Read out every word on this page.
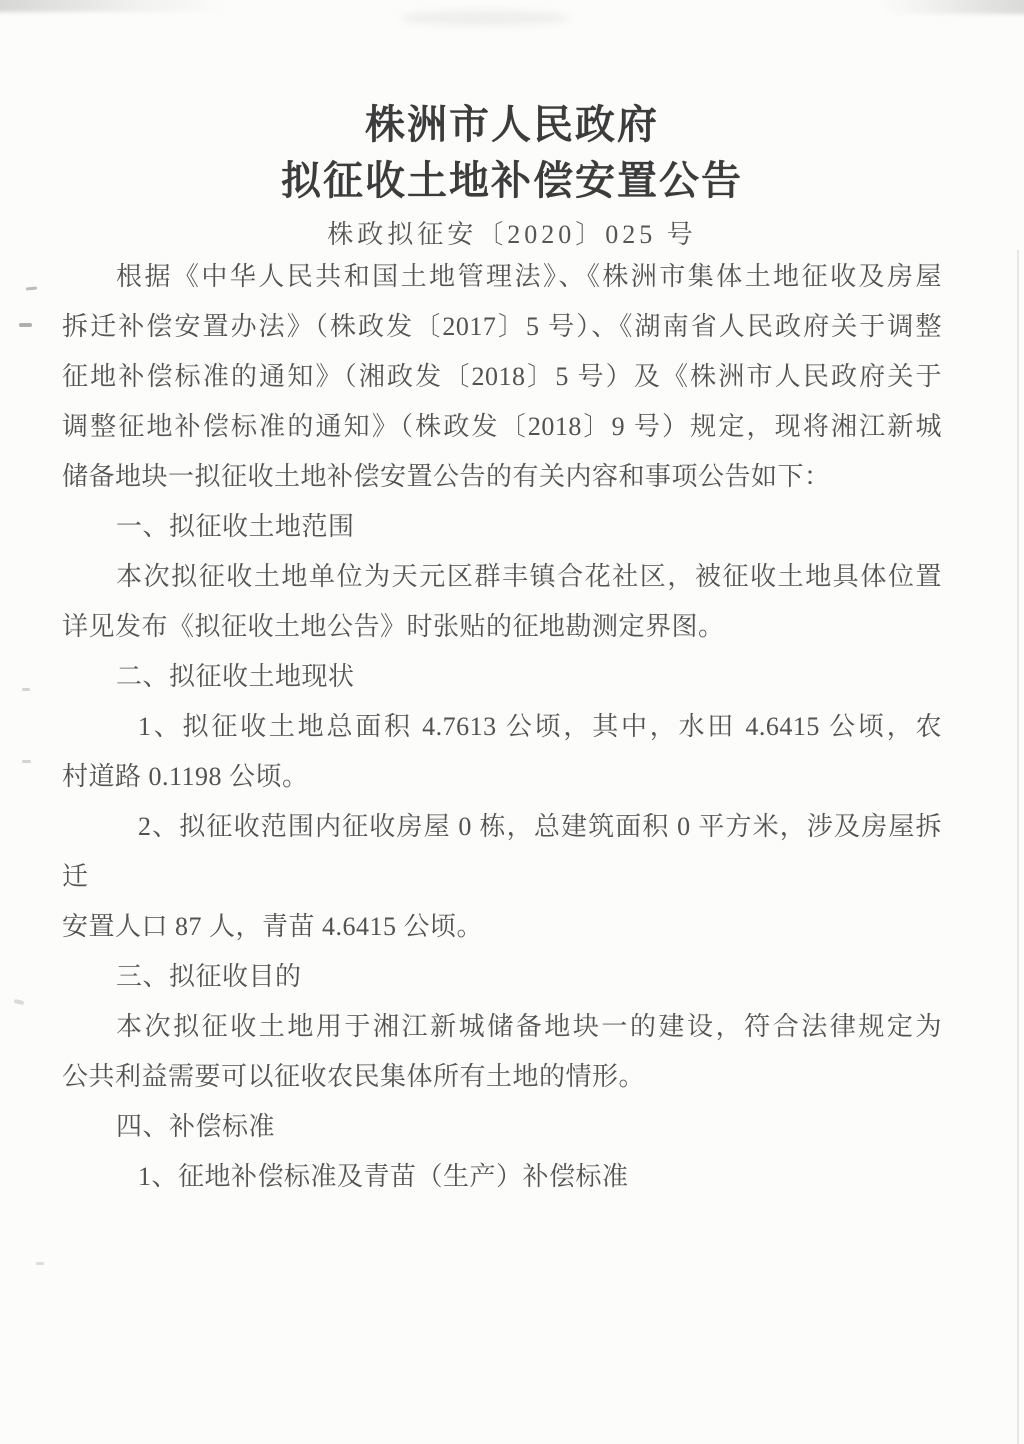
株洲市人民政府
拟征收土地补偿安置公告
株政拟征安〔2020〕025 号
根据《中华人民共和国土地管理法》、《株洲市集体土地征收及房屋
拆迁补偿安置办法》（株政发〔2017〕5 号）、《湖南省人民政府关于调整
征地补偿标准的通知》（湘政发〔2018〕5 号）及《株洲市人民政府关于
调整征地补偿标准的通知》（株政发〔2018〕9 号）规定，现将湘江新城
储备地块一拟征收土地补偿安置公告的有关内容和事项公告如下：
一、拟征收土地范围
本次拟征收土地单位为天元区群丰镇合花社区，被征收土地具体位置
详见发布《拟征收土地公告》时张贴的征地勘测定界图。
二、拟征收土地现状
1、拟征收土地总面积 4.7613 公顷，其中，水田 4.6415 公顷，农
村道路 0.1198 公顷。
2、拟征收范围内征收房屋 0 栋，总建筑面积 0 平方米，涉及房屋拆迁
安置人口 87 人，青苗 4.6415 公顷。
三、拟征收目的
本次拟征收土地用于湘江新城储备地块一的建设，符合法律规定为
公共利益需要可以征收农民集体所有土地的情形。
四、补偿标准
1、征地补偿标准及青苗（生产）补偿标准
